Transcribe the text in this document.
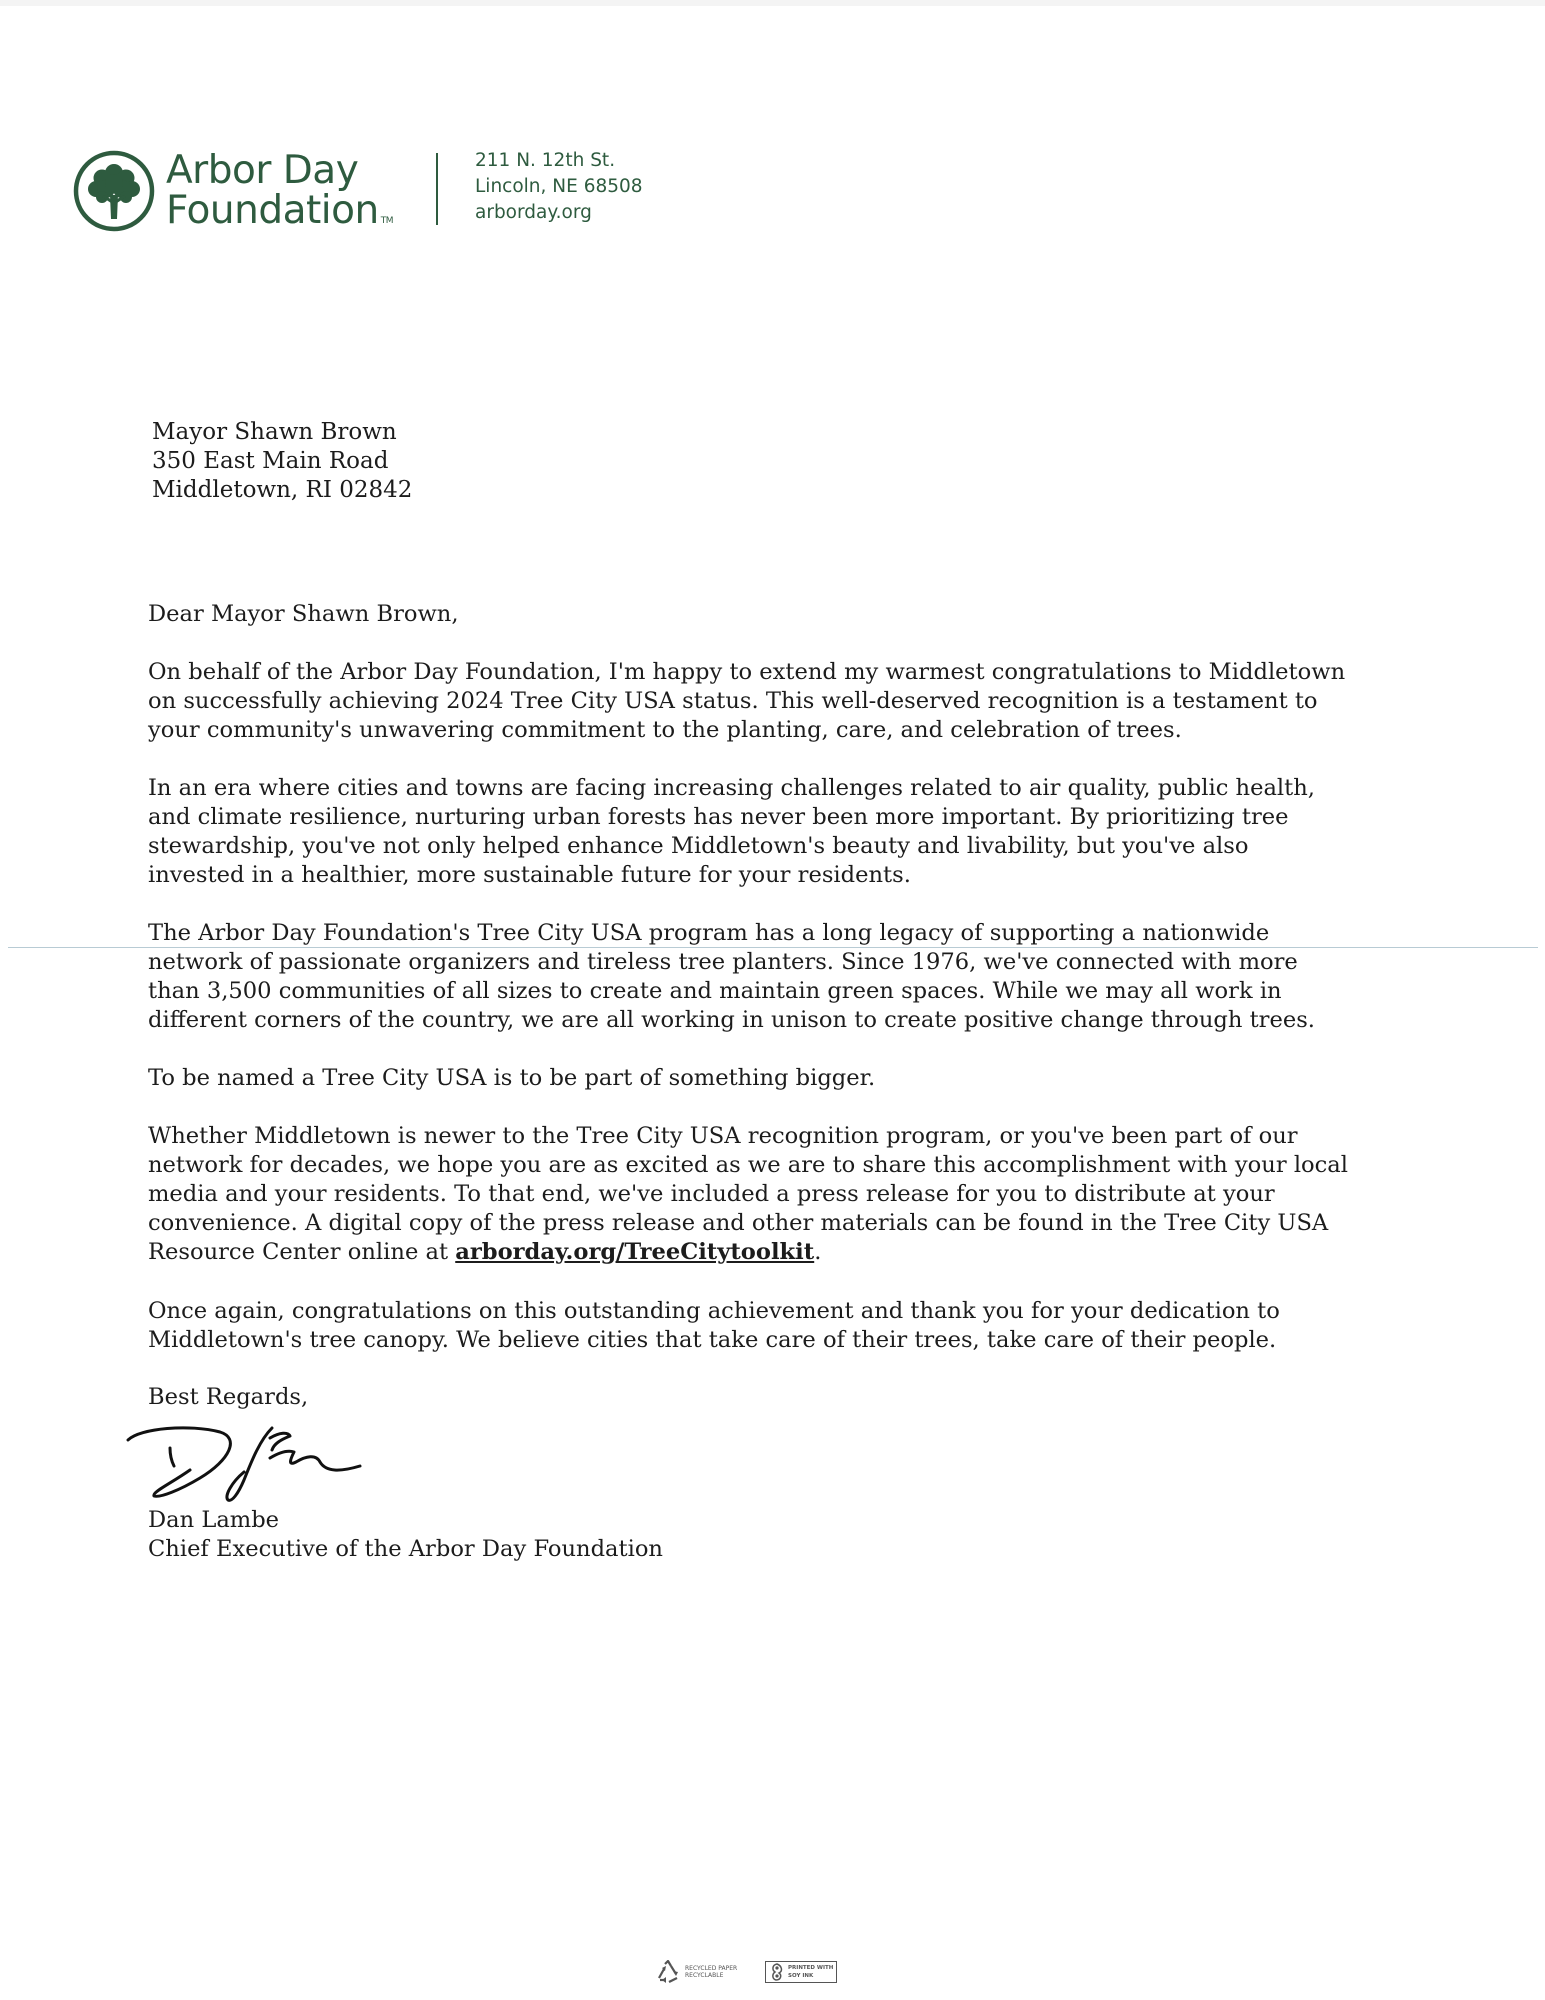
Arbor Day
Foundation TM
211 N. 12th St.
Lincoln, NE 68508
arborday.org
Mayor Shawn Brown
350 East Main Road
Middletown, RI 02842

Dear Mayor Shawn Brown,

On behalf of the Arbor Day Foundation, I'm happy to extend my warmest congratulations to Middletown on successfully achieving 2024 Tree City USA status. This well-deserved recognition is a testament to your community's unwavering commitment to the planting, care, and celebration of trees.

In an era where cities and towns are facing increasing challenges related to air quality, public health, and climate resilience, nurturing urban forests has never been more important. By prioritizing tree stewardship, you've not only helped enhance Middletown's beauty and livability, but you've also invested in a healthier, more sustainable future for your residents.

The Arbor Day Foundation's Tree City USA program has a long legacy of supporting a nationwide network of passionate organizers and tireless tree planters. Since 1976, we've connected with more than 3,500 communities of all sizes to create and maintain green spaces. While we may all work in different corners of the country, we are all working in unison to create positive change through trees.

To be named a Tree City USA is to be part of something bigger.

Whether Middletown is newer to the Tree City USA recognition program, or you've been part of our network for decades, we hope you are as excited as we are to share this accomplishment with your local media and your residents. To that end, we've included a press release for you to distribute at your convenience. A digital copy of the press release and other materials can be found in the Tree City USA Resource Center online at arborday.org/TreeCitytoolkit.

Once again, congratulations on this outstanding achievement and thank you for your dedication to Middletown's tree canopy. We believe cities that take care of their trees, take care of their people.

Best Regards,

Dan Lambe

Chief Executive of the Arbor Day Foundation

RECYCLED PAPER
RECYCLABLE
PRINTED WITH
SOY INK
